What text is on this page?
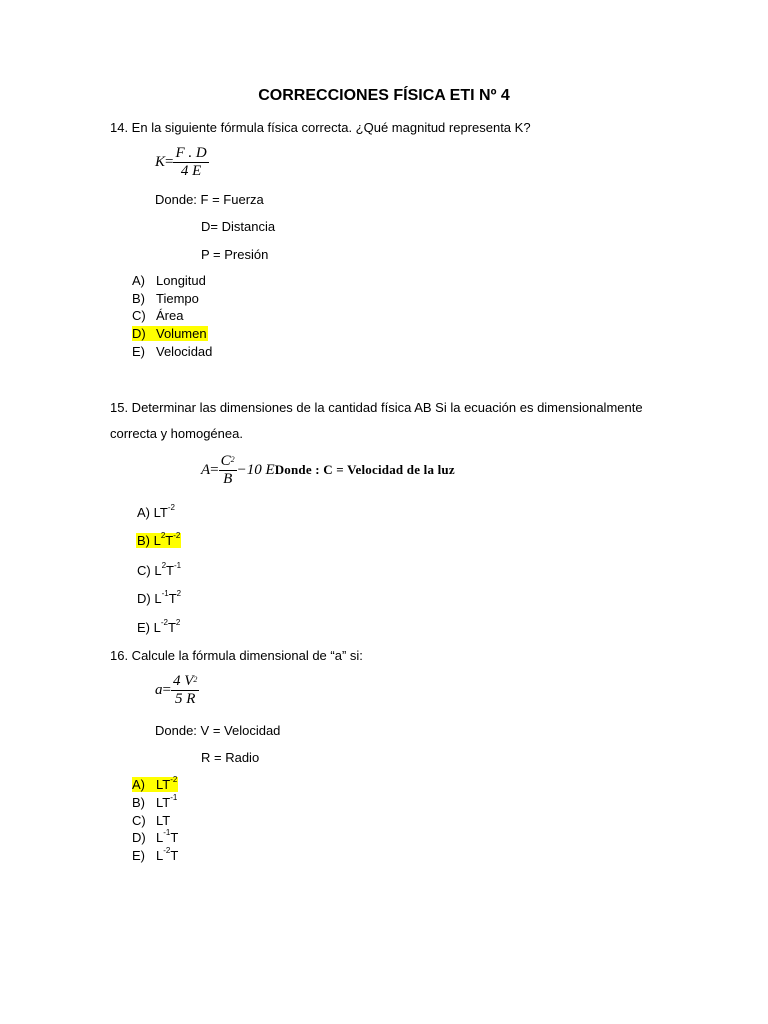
CORRECCIONES FÍSICA ETI Nº 4
14. En la siguiente fórmula física correcta. ¿Qué magnitud representa K?
$K= \frac{F . D}{4 E}$
Donde: F = Fuerza
D= Distancia
P = Presión
A) Longitud
B) Tiempo
C) Área
D) Volumen
E) Velocidad
15. Determinar las dimensiones de la cantidad física AB Si la ecuación es dimensionalmente
correcta y homogénea.
$A= \frac{C^2}{B} -10$ EDonde : C = Velocidad de la luz
A) $LT^{-2}$
B) $L^2T^{-2}$
C) $L^2T^{-1}$
D) $L^{-1}T^2$
E) $L^{-2}T^2$
16. Calcule la fórmula dimensional de “a” si:
$a= \frac{4 V^2}{5 R}$
Donde: V = Velocidad
R = Radio
A) $LT^{-2}$
B) $LT^{-1}$
C) LT
D) $L^{-1}T$
E) $L^{-2}T$
